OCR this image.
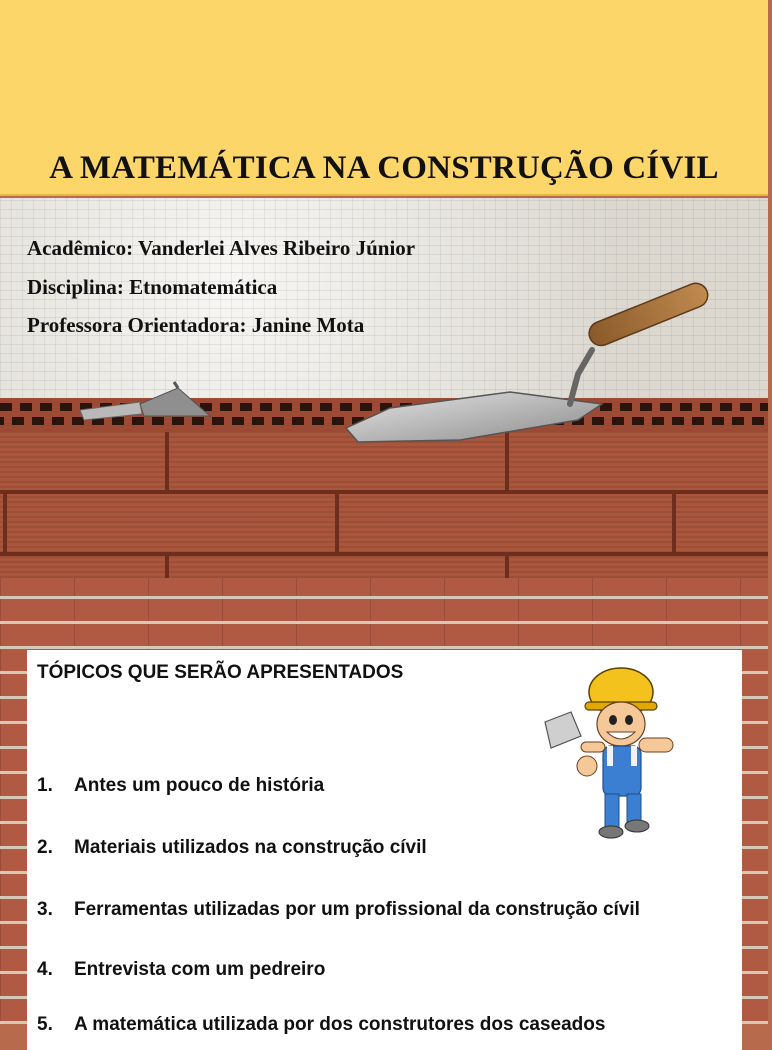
A MATEMÁTICA NA CONSTRUÇÃO CÍVIL
Acadêmico: Vanderlei Alves Ribeiro Júnior
Disciplina: Etnomatemática
Professora Orientadora: Janine Mota
TÓPICOS QUE SERÃO APRESENTADOS
1. Antes um pouco de história
2. Materiais utilizados na construção cívil
3. Ferramentas utilizadas por um profissional da construção cívil
4. Entrevista com um pedreiro
5. A matemática utilizada por dos construtores dos caseados
